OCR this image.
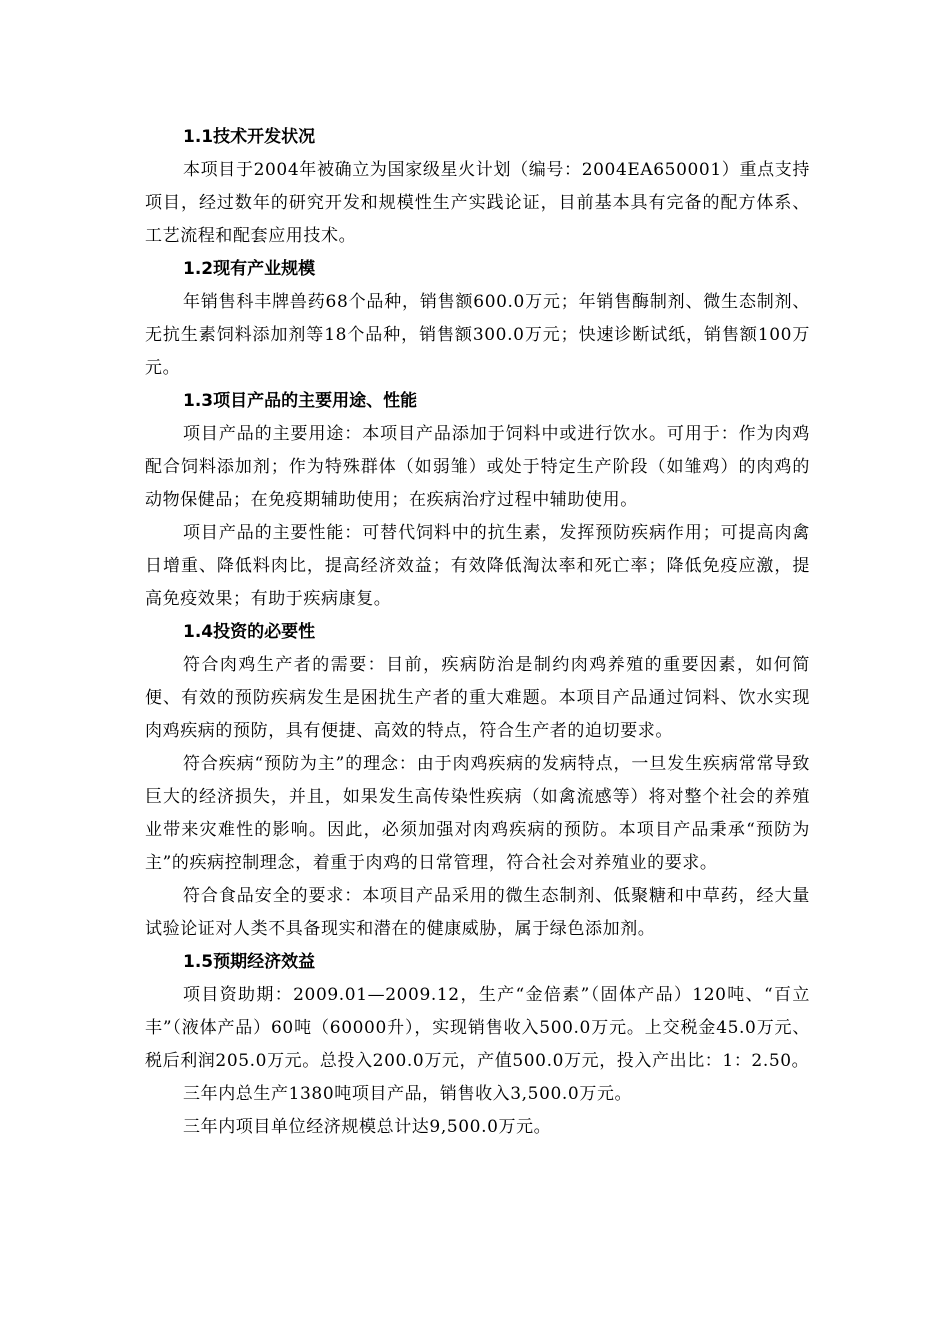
1.1技术开发状况

本项目于2004年被确立为国家级星火计划（编号：2004EA650001）重点支持项目，经过数年的研究开发和规模性生产实践论证，目前基本具有完备的配方体系、工艺流程和配套应用技术。

1.2现有产业规模

年销售科丰牌兽药68个品种，销售额600.0万元；年销售酶制剂、微生态制剂、无抗生素饲料添加剂等18个品种，销售额300.0万元；快速诊断试纸，销售额100万元。

1.3项目产品的主要用途、性能

项目产品的主要用途：本项目产品添加于饲料中或进行饮水。可用于：作为肉鸡配合饲料添加剂；作为特殊群体（如弱雏）或处于特定生产阶段（如雏鸡）的肉鸡的动物保健品；在免疫期辅助使用；在疾病治疗过程中辅助使用。

项目产品的主要性能：可替代饲料中的抗生素，发挥预防疾病作用；可提高肉禽日增重、降低料肉比，提高经济效益；有效降低淘汰率和死亡率；降低免疫应激，提高免疫效果；有助于疾病康复。

1.4投资的必要性

符合肉鸡生产者的需要：目前，疾病防治是制约肉鸡养殖的重要因素，如何简便、有效的预防疾病发生是困扰生产者的重大难题。本项目产品通过饲料、饮水实现肉鸡疾病的预防，具有便捷、高效的特点，符合生产者的迫切要求。

符合疾病“预防为主”的理念：由于肉鸡疾病的发病特点，一旦发生疾病常常导致巨大的经济损失，并且，如果发生高传染性疾病（如禽流感等）将对整个社会的养殖业带来灾难性的影响。因此，必须加强对肉鸡疾病的预防。本项目产品秉承“预防为主”的疾病控制理念，着重于肉鸡的日常管理，符合社会对养殖业的要求。

符合食品安全的要求：本项目产品采用的微生态制剂、低聚糖和中草药，经大量试验论证对人类不具备现实和潜在的健康威胁，属于绿色添加剂。

1.5预期经济效益

项目资助期：2009.01—2009.12，生产“金倍素”（固体产品）120吨、“百立丰”（液体产品）60吨（60000升），实现销售收入500.0万元。上交税金45.0万元、税后利润205.0万元。总投入200.0万元，产值500.0万元，投入产出比：1：2.50。

三年内总生产1380吨项目产品，销售收入3,500.0万元。

三年内项目单位经济规模总计达9,500.0万元。
